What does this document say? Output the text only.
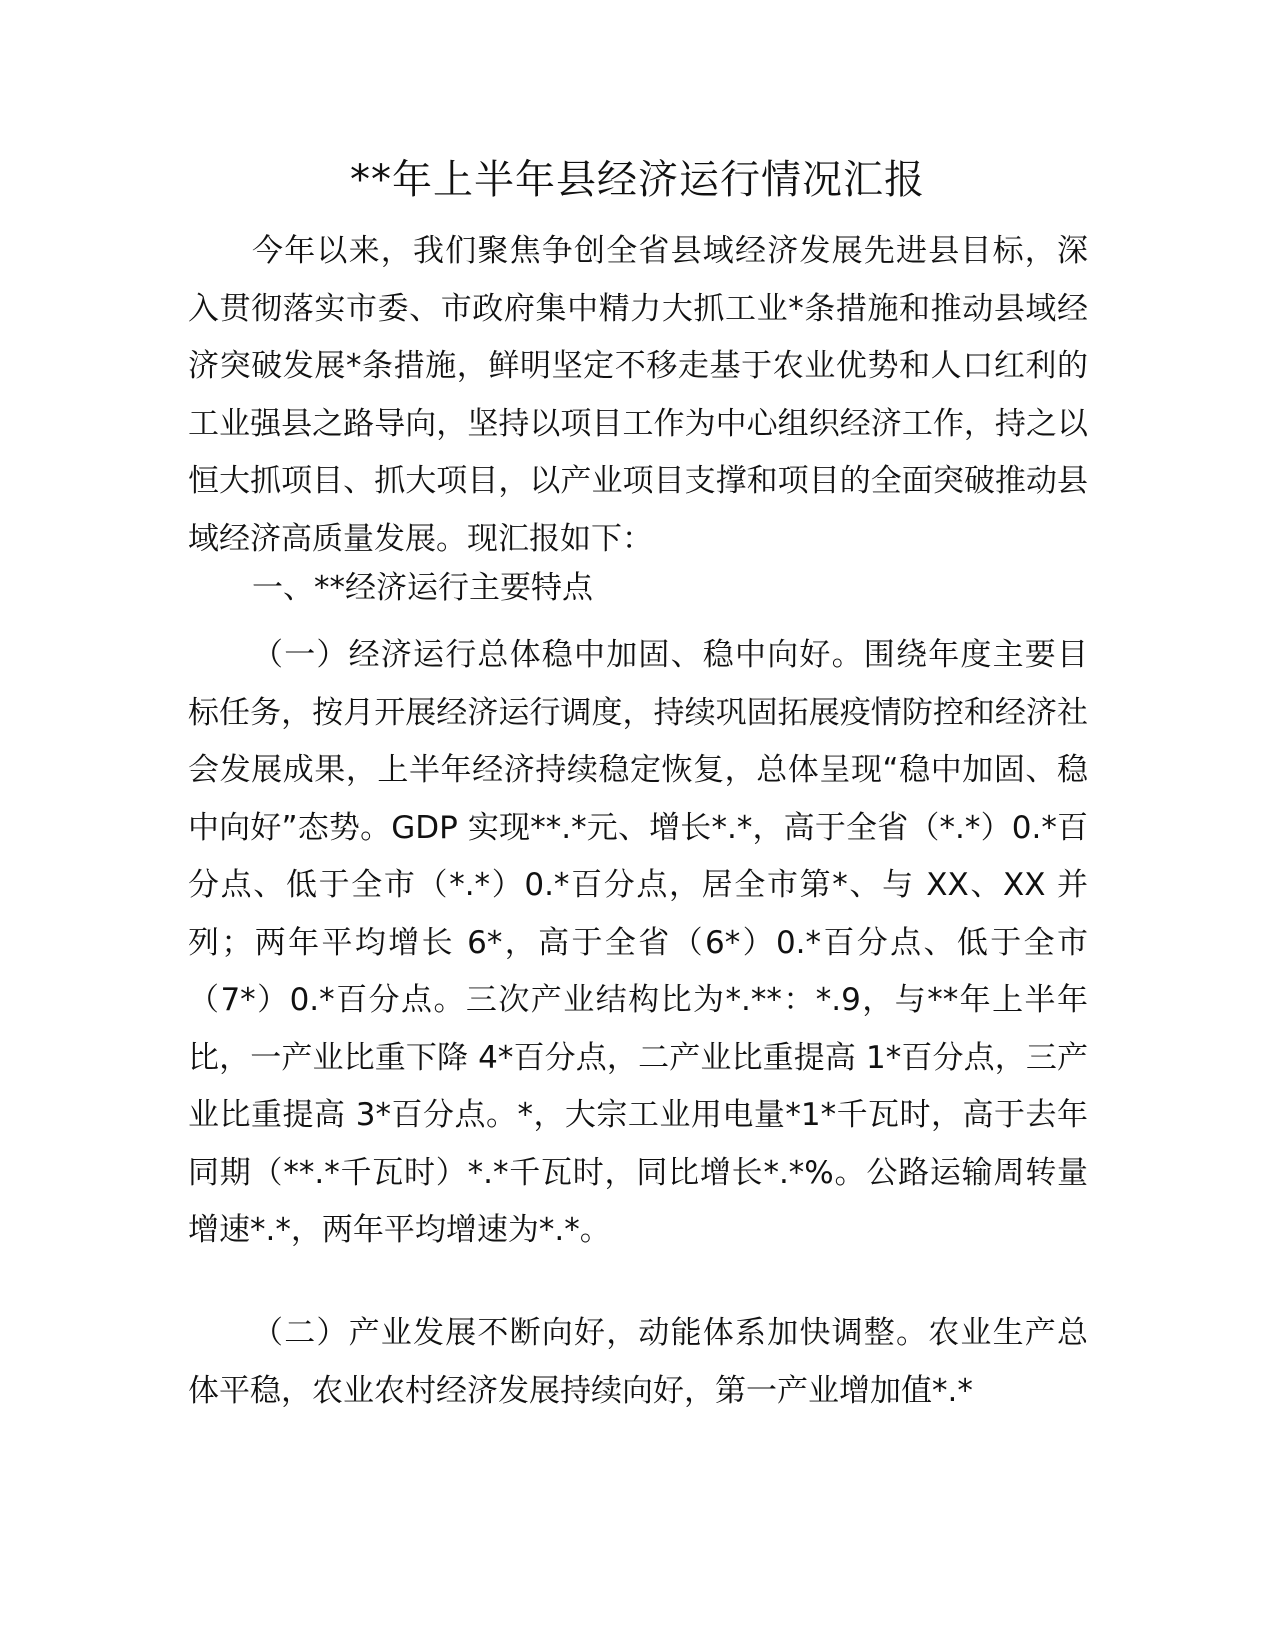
**年上半年县经济运行情况汇报

今年以来，我们聚焦争创全省县域经济发展先进县目标，深入贯彻落实市委、市政府集中精力大抓工业*条措施和推动县域经济突破发展*条措施，鲜明坚定不移走基于农业优势和人口红利的工业强县之路导向，坚持以项目工作为中心组织经济工作，持之以恒大抓项目、抓大项目，以产业项目支撑和项目的全面突破推动县域经济高质量发展。现汇报如下：

一、**经济运行主要特点

（一）经济运行总体稳中加固、稳中向好。围绕年度主要目标任务，按月开展经济运行调度，持续巩固拓展疫情防控和经济社会发展成果，上半年经济持续稳定恢复，总体呈现“稳中加固、稳中向好”态势。GDP 实现**.*元、增长*.*，高于全省（*.*）0.*百分点、低于全市（*.*）0.*百分点，居全市第*、与 XX、XX 并列；两年平均增长 6*，高于全省（6*）0.*百分点、低于全市（7*）0.*百分点。三次产业结构比为*.**：*.9，与**年上半年比，一产业比重下降 4*百分点，二产业比重提高 1*百分点，三产业比重提高 3*百分点。*，大宗工业用电量*1*千瓦时，高于去年同期（**.*千瓦时）*.*千瓦时，同比增长*.*%。公路运输周转量增速*.*，两年平均增速为*.*。

（二）产业发展不断向好，动能体系加快调整。农业生产总体平稳，农业农村经济发展持续向好，第一产业增加值*.*
